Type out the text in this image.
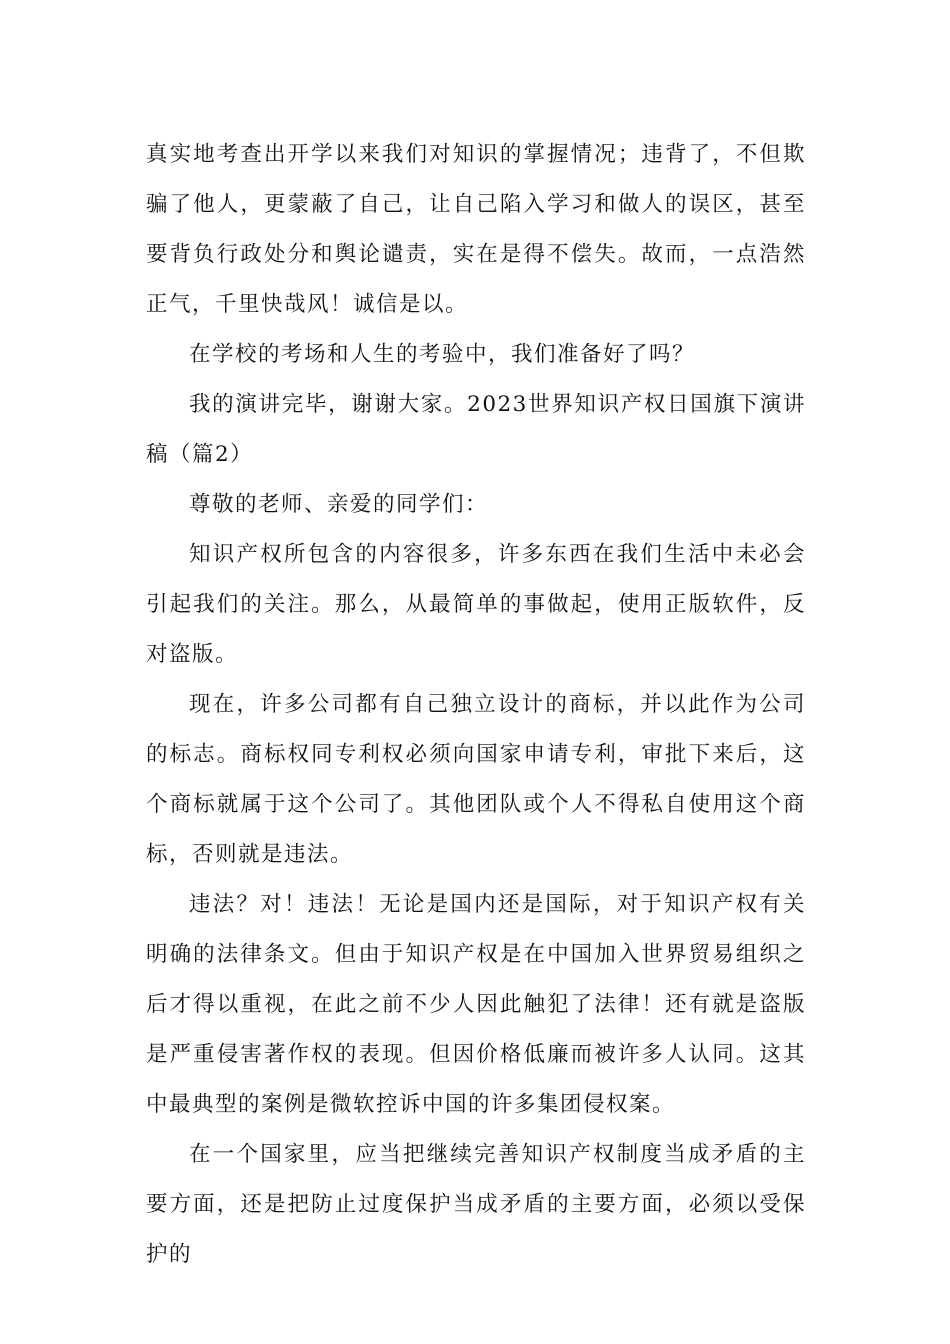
真实地考查出开学以来我们对知识的掌握情况；违背了，不但欺骗了他人，更蒙蔽了自己，让自己陷入学习和做人的误区，甚至要背负行政处分和舆论谴责，实在是得不偿失。故而，一点浩然正气，千里快哉风！诚信是以。

在学校的考场和人生的考验中，我们准备好了吗？

我的演讲完毕，谢谢大家。2023世界知识产权日国旗下演讲稿（篇2）

尊敬的老师、亲爱的同学们：

知识产权所包含的内容很多，许多东西在我们生活中未必会引起我们的关注。那么，从最简单的事做起，使用正版软件，反对盗版。

现在，许多公司都有自己独立设计的商标，并以此作为公司的标志。商标权同专利权必须向国家申请专利，审批下来后，这个商标就属于这个公司了。其他团队或个人不得私自使用这个商标，否则就是违法。

违法？对！违法！无论是国内还是国际，对于知识产权有关明确的法律条文。但由于知识产权是在中国加入世界贸易组织之后才得以重视，在此之前不少人因此触犯了法律！还有就是盗版是严重侵害著作权的表现。但因价格低廉而被许多人认同。这其中最典型的案例是微软控诉中国的许多集团侵权案。

在一个国家里，应当把继续完善知识产权制度当成矛盾的主要方面，还是把防止过度保护当成矛盾的主要方面，必须以受保护的
